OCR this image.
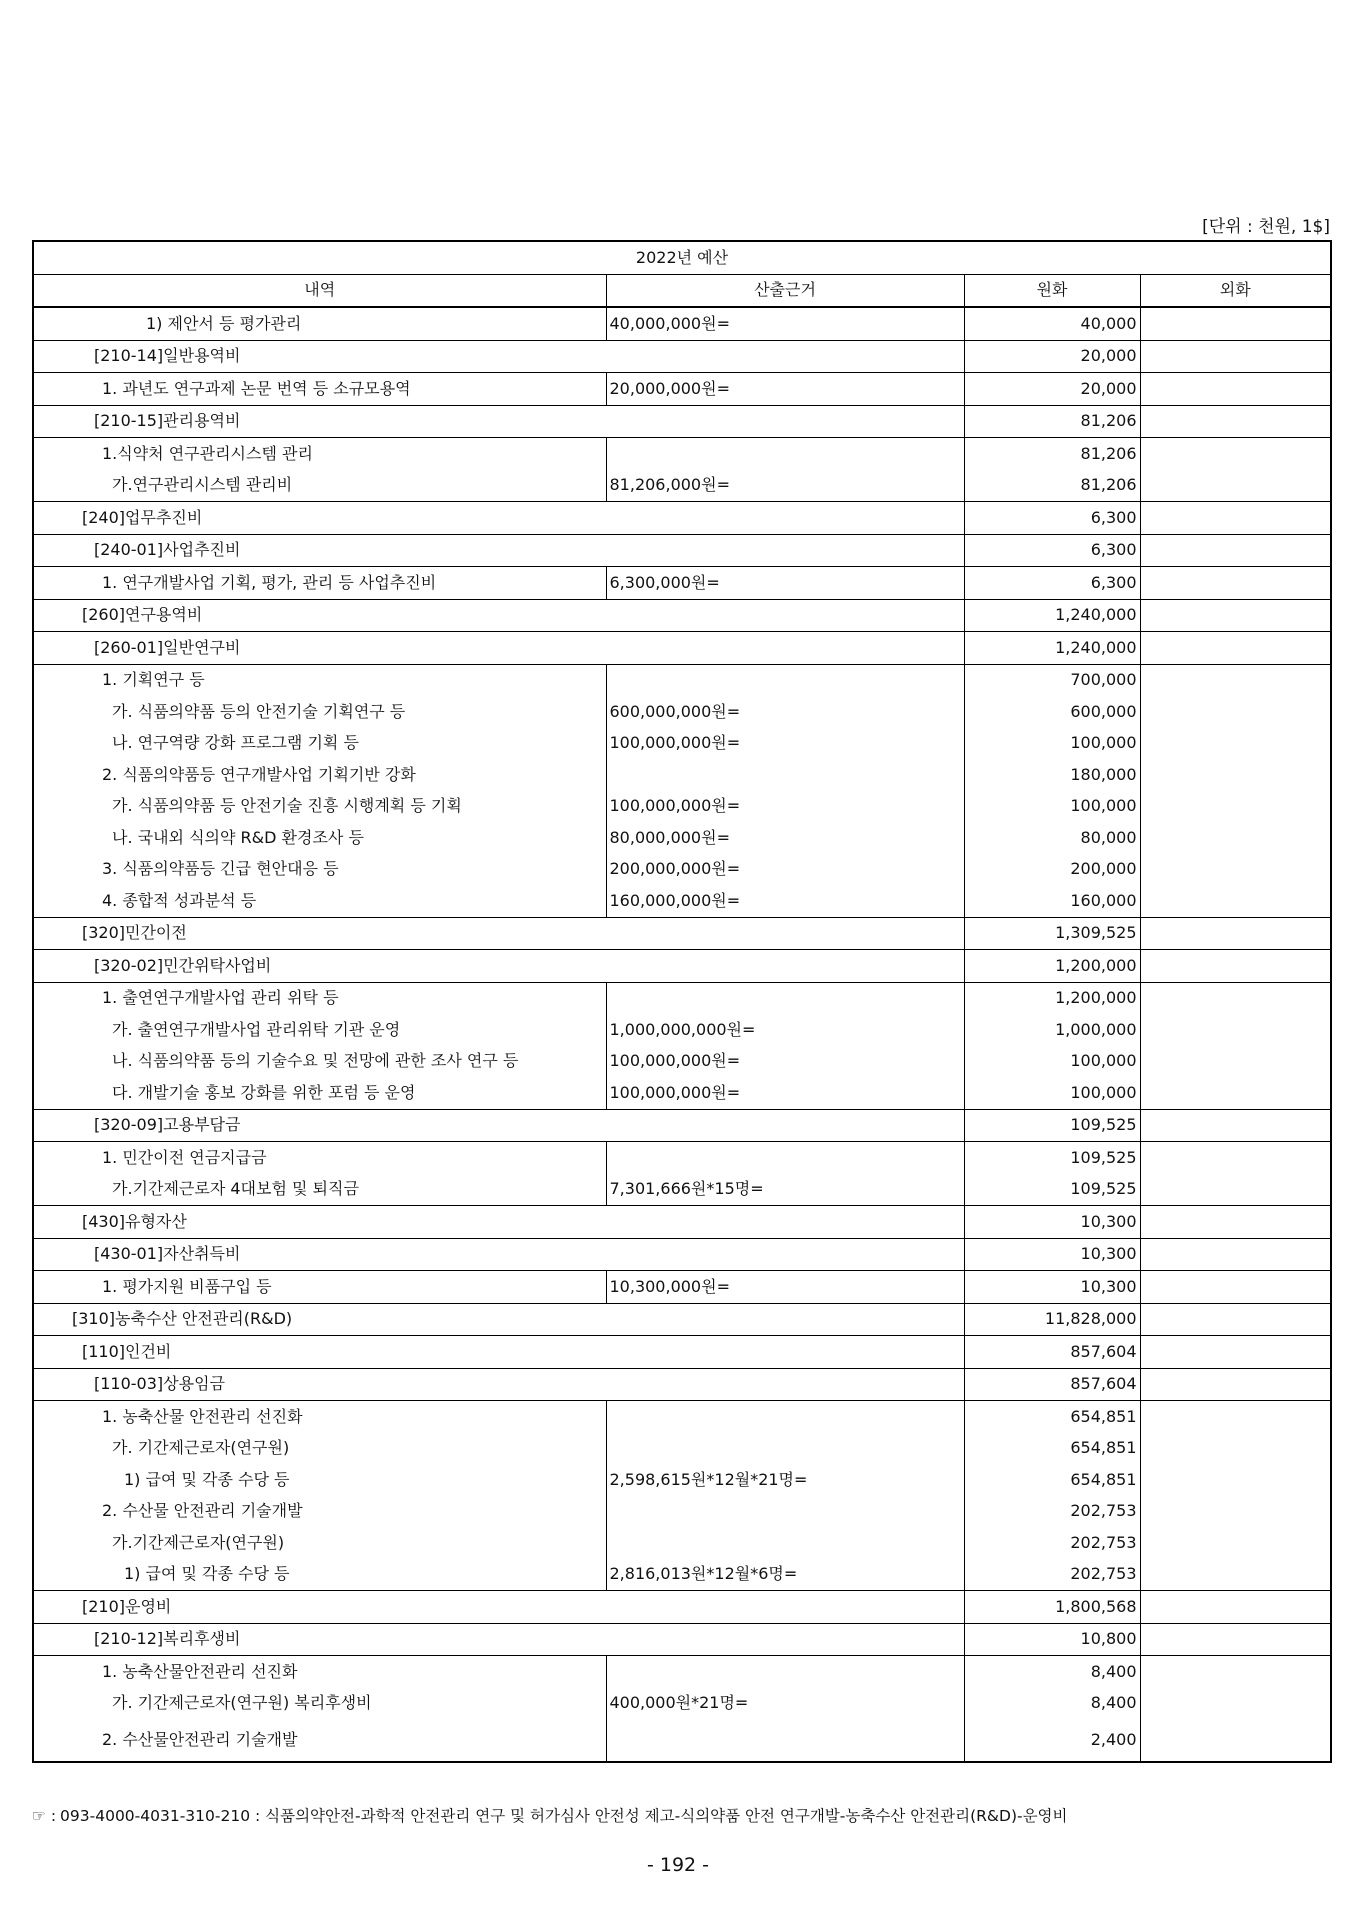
[단위 : 천원, 1$]
2022년 예산			
내역	산출근거	원화	외화
1) 제안서 등 평가관리	40,000,000원=	40,000	
[210-14]일반용역비		20,000	
1. 과년도 연구과제 논문 번역 등 소규모용역	20,000,000원=	20,000	
[210-15]관리용역비		81,206	
1.식약처 연구관리시스템 관리		81,206	
가.연구관리시스템 관리비	81,206,000원=	81,206	
[240]업무추진비		6,300	
[240-01]사업추진비		6,300	
1. 연구개발사업 기획, 평가, 관리 등 사업추진비	6,300,000원=	6,300	
[260]연구용역비		1,240,000	
[260-01]일반연구비		1,240,000	
1. 기획연구 등		700,000	
가. 식품의약품 등의 안전기술 기획연구 등	600,000,000원=	600,000	
나. 연구역량 강화 프로그램 기획 등	100,000,000원=	100,000	
2. 식품의약품등 연구개발사업 기획기반 강화		180,000	
가. 식품의약품 등 안전기술 진흥 시행계획 등 기획	100,000,000원=	100,000	
나. 국내외 식의약 R&D 환경조사 등	80,000,000원=	80,000	
3. 식품의약품등 긴급 현안대응 등	200,000,000원=	200,000	
4. 종합적 성과분석 등	160,000,000원=	160,000	
[320]민간이전		1,309,525	
[320-02]민간위탁사업비		1,200,000	
1. 출연연구개발사업 관리 위탁 등		1,200,000	
가. 출연연구개발사업 관리위탁 기관 운영	1,000,000,000원=	1,000,000	
나. 식품의약품 등의 기술수요 및 전망에 관한 조사 연구 등	100,000,000원=	100,000	
다. 개발기술 홍보 강화를 위한 포럼 등 운영	100,000,000원=	100,000	
[320-09]고용부담금		109,525	
1. 민간이전 연금지급금		109,525	
가.기간제근로자 4대보험 및 퇴직금	7,301,666원*15명=	109,525	
[430]유형자산		10,300	
[430-01]자산취득비		10,300	
1. 평가지원 비품구입 등	10,300,000원=	10,300	
[310]농축수산 안전관리(R&D)		11,828,000	
[110]인건비		857,604	
[110-03]상용임금		857,604	
1. 농축산물 안전관리 선진화		654,851	
가. 기간제근로자(연구원)		654,851	
1) 급여 및 각종 수당 등	2,598,615원*12월*21명=	654,851	
2. 수산물 안전관리 기술개발		202,753	
가.기간제근로자(연구원)		202,753	
1) 급여 및 각종 수당 등	2,816,013원*12월*6명=	202,753	
[210]운영비		1,800,568	
[210-12]복리후생비		10,800	
1. 농축산물안전관리 선진화		8,400	
가. 기간제근로자(연구원) 복리후생비	400,000원*21명=	8,400	
2. 수산물안전관리 기술개발		2,400	
☞ : 093-4000-4031-310-210 : 식품의약안전-과학적 안전관리 연구 및 허가심사 안전성 제고-식의약품 안전 연구개발-농축수산 안전관리(R&D)-운영비
- 192 -
